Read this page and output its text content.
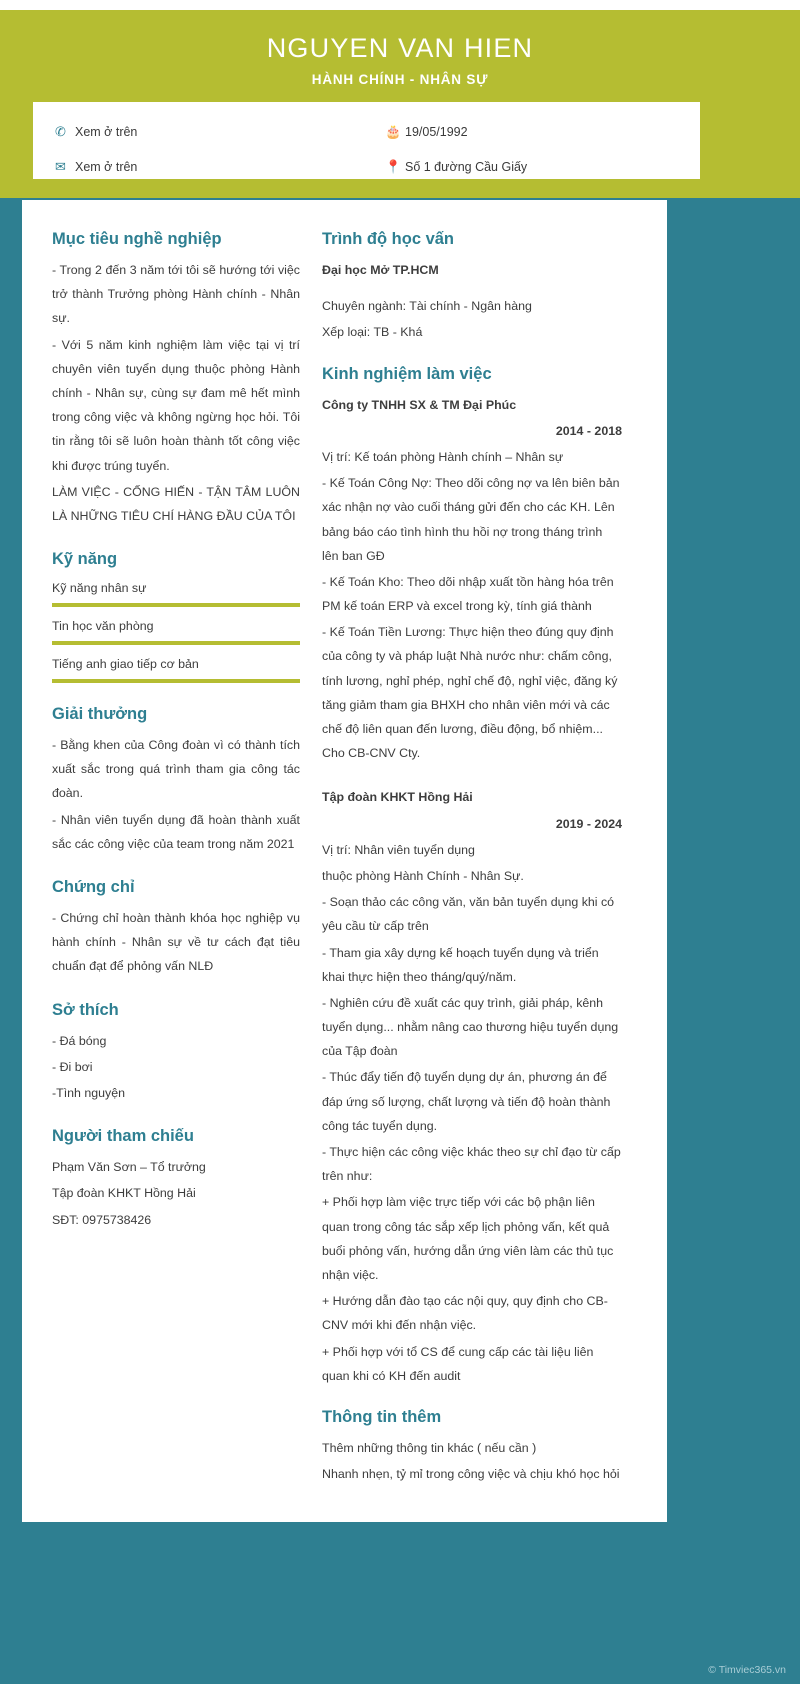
NGUYEN VAN HIEN
HÀNH CHÍNH - NHÂN SỰ
✆ Xem ở trên	🎂 19/05/1992
✉ Xem ở trên	📍 Số 1 đường Cầu Giấy
Mục tiêu nghề nghiệp

- Trong 2 đến 3 năm tới tôi sẽ hướng tới việc trở thành Trưởng phòng Hành chính - Nhân sự.

- Với 5 năm kinh nghiệm làm việc tại vị trí chuyên viên tuyển dụng thuộc phòng Hành chính - Nhân sự, cùng sự đam mê hết mình trong công việc và không ngừng học hỏi. Tôi tin rằng tôi sẽ luôn hoàn thành tốt công việc khi được trúng tuyển.

LÀM VIỆC - CỐNG HIẾN - TẬN TÂM LUÔN LÀ NHỮNG TIÊU CHÍ HÀNG ĐẦU CỦA TÔI

Kỹ năng
Kỹ năng nhân sự
Tin học văn phòng
Tiếng anh giao tiếp cơ bản
Giải thưởng

- Bằng khen của Công đoàn vì có thành tích xuất sắc trong quá trình tham gia công tác đoàn.

- Nhân viên tuyển dụng đã hoàn thành xuất sắc các công việc của team trong năm 2021

Chứng chỉ

- Chứng chỉ hoàn thành khóa học nghiệp vụ hành chính - Nhân sự về tư cách đạt tiêu chuẩn đạt để phỏng vấn NLĐ

Sở thích

- Đá bóng

- Đi bơi

-Tình nguyện

Người tham chiếu

Phạm Văn Sơn – Tổ trưởng

Tập đoàn KHKT Hồng Hải

SĐT: 0975738426

Trình độ học vấn

Đại học Mở TP.HCM

Chuyên ngành: Tài chính - Ngân hàng

Xếp loại: TB - Khá

Kinh nghiệm làm việc

Công ty TNHH SX & TM Đại Phúc

2014 - 2018

Vị trí: Kế toán phòng Hành chính – Nhân sự

- Kế Toán Công Nợ: Theo dõi công nợ va lên biên bản xác nhận nợ vào cuối tháng gửi đến cho các KH. Lên bảng báo cáo tình hình thu hồi nợ trong tháng trình lên ban GĐ

- Kế Toán Kho: Theo dõi nhập xuất tồn hàng hóa trên PM kế toán ERP và excel trong kỳ, tính giá thành

- Kế Toán Tiền Lương: Thực hiện theo đúng quy định của công ty và pháp luật Nhà nước như: chấm công, tính lương, nghỉ phép, nghỉ chế độ, nghỉ việc, đăng ký tăng giảm tham gia BHXH cho nhân viên mới và các chế độ liên quan đến lương, điều động, bổ nhiệm... Cho CB-CNV Cty.

Tập đoàn KHKT Hồng Hải

2019 - 2024

Vị trí: Nhân viên tuyển dụng

thuộc phòng Hành Chính - Nhân Sự.

- Soạn thảo các công văn, văn bản tuyển dụng khi có yêu cầu từ cấp trên

- Tham gia xây dựng kế hoạch tuyển dụng và triển khai thực hiện theo tháng/quý/năm.

- Nghiên cứu đề xuất các quy trình, giải pháp, kênh tuyển dụng... nhằm nâng cao thương hiệu tuyển dụng của Tập đoàn

- Thúc đẩy tiến độ tuyển dụng dự án, phương án để đáp ứng số lượng, chất lượng và tiến độ hoàn thành công tác tuyển dụng.

- Thực hiện các công việc khác theo sự chỉ đạo từ cấp trên như:

+ Phối hợp làm việc trực tiếp với các bộ phận liên quan trong công tác sắp xếp lịch phỏng vấn, kết quả buổi phỏng vấn, hướng dẫn ứng viên làm các thủ tục nhận việc.

+ Hướng dẫn đào tạo các nội quy, quy định cho CB-CNV mới khi đến nhận việc.

+ Phối hợp với tổ CS để cung cấp các tài liệu liên quan khi có KH đến audit

Thông tin thêm

Thêm những thông tin khác ( nếu cần )

Nhanh nhẹn, tỷ mỉ trong công việc và chịu khó học hỏi

© Timviec365.vn
